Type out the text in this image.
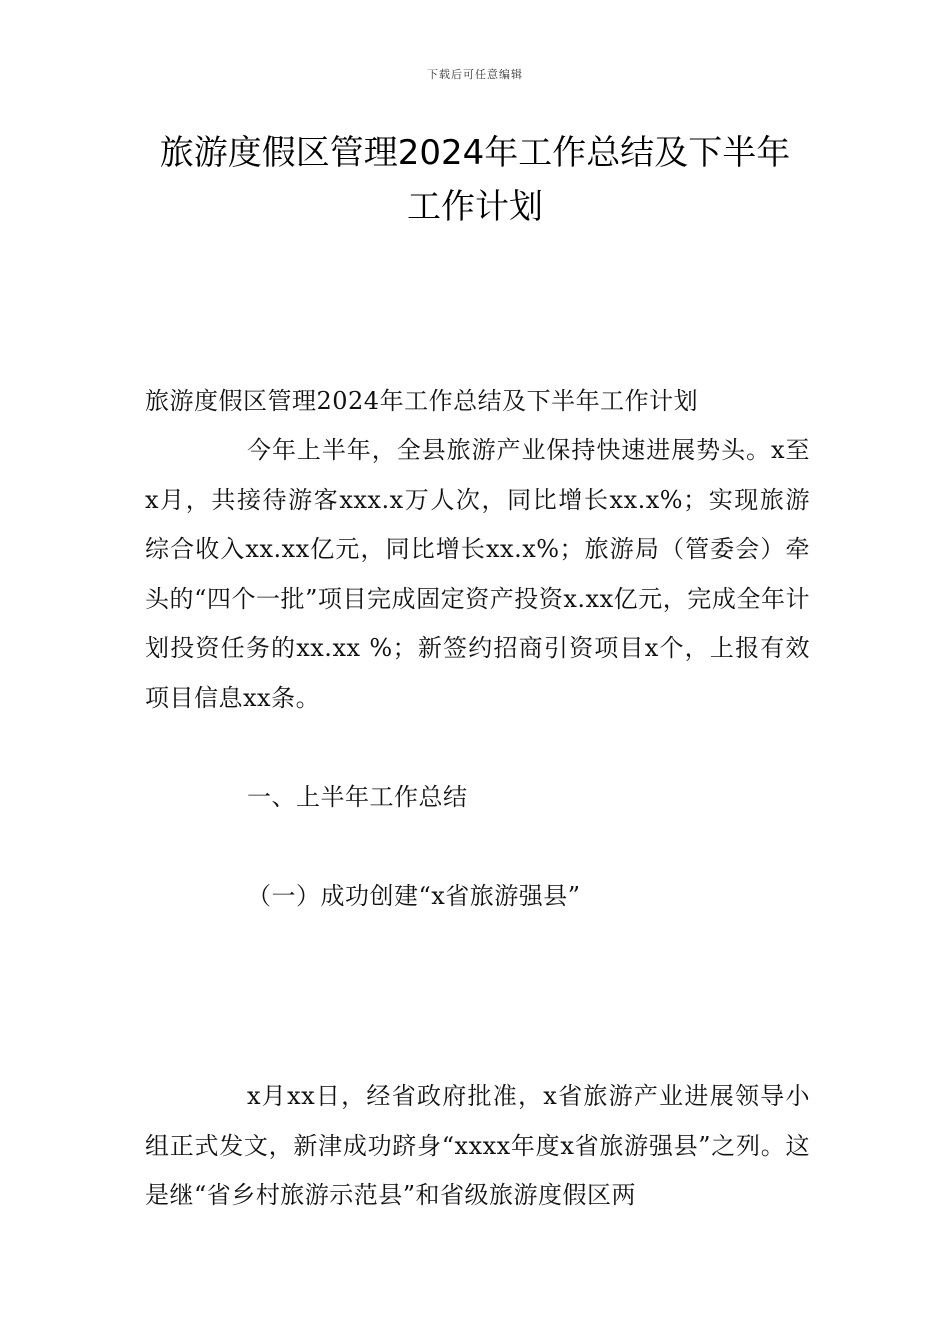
下载后可任意编辑
旅游度假区管理2024年工作总结及下半年
工作计划
旅游度假区管理2024年工作总结及下半年工作计划
今年上半年，全县旅游产业保持快速进展势头。x至x月，共接待游客xxx.x万人次，同比增长xx.x%；实现旅游综合收入xx.xx亿元，同比增长xx.x%；旅游局（管委会）牵头的“四个一批”项目完成固定资产投资x.xx亿元，完成全年计划投资任务的xx.xx %；新签约招商引资项目x个，上报有效项目信息xx条。
一、上半年工作总结
（一）成功创建“x省旅游强县”
x月xx日，经省政府批准，x省旅游产业进展领导小组正式发文，新津成功跻身“xxxx年度x省旅游强县”之列。这是继“省乡村旅游示范县”和省级旅游度假区两
